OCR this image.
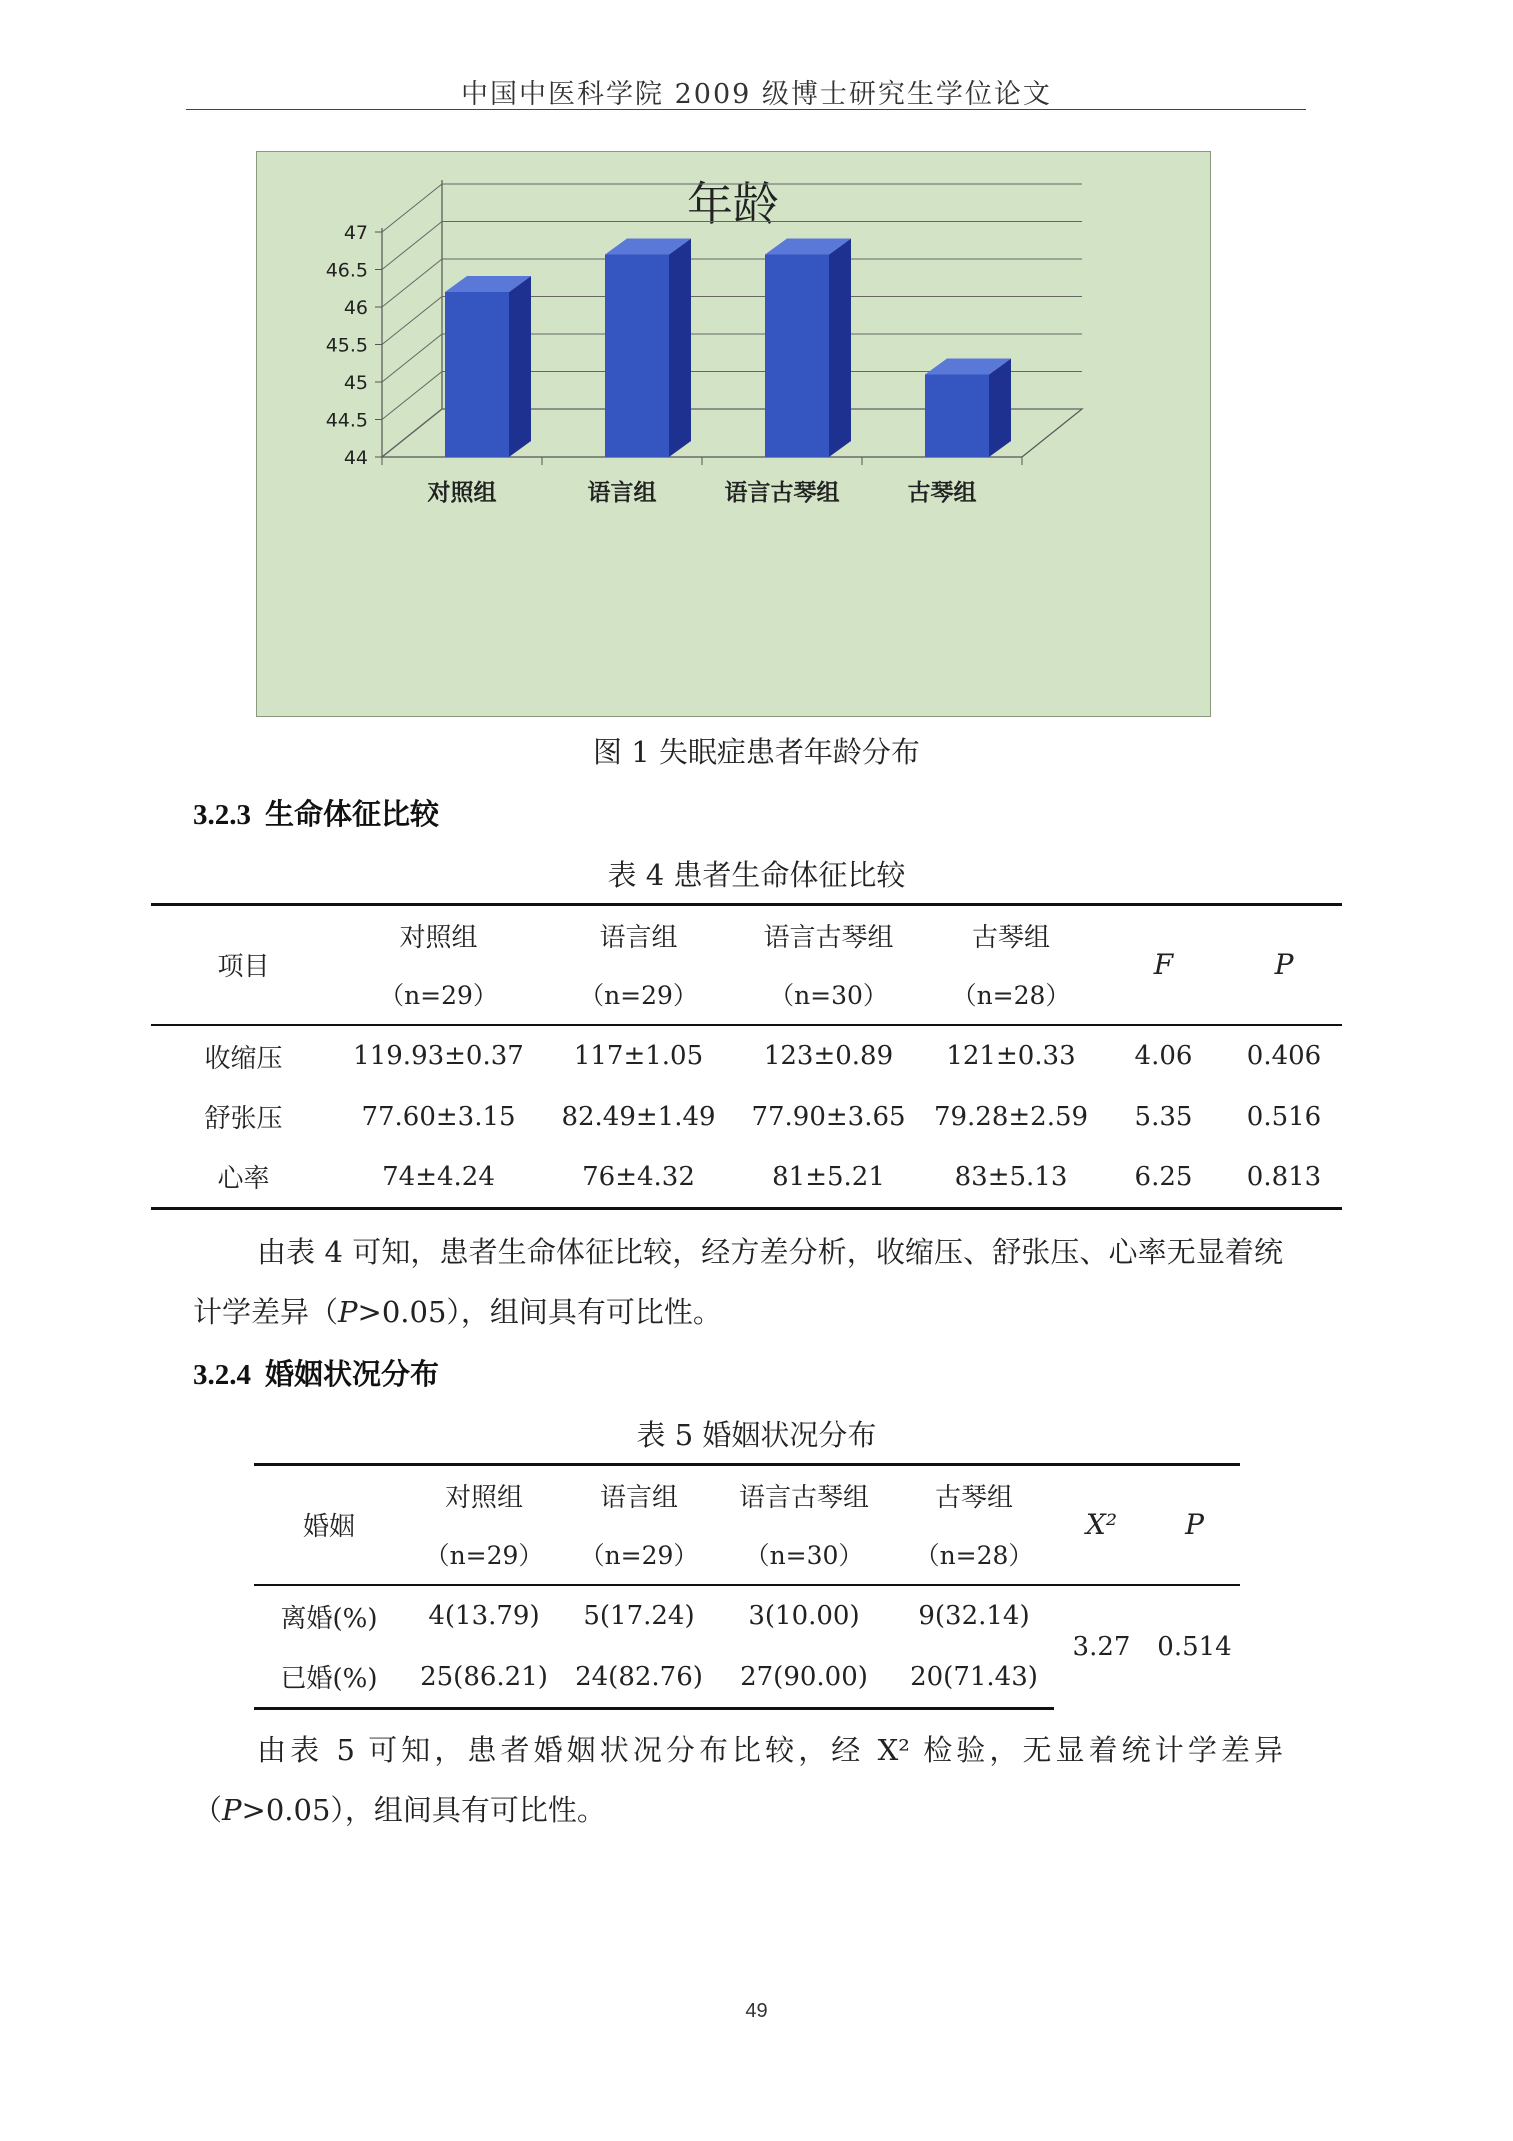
中国中医科学院 2009 级博士研究生学位论文
年龄
44
44.5
45
45.5
46
46.5
47
对照组	语言组	语言古琴组	古琴组
图 1 失眠症患者年龄分布
3.2.3 生命体征比较
表 4 患者生命体征比较
项目	对照组	语言组	语言古琴组	古琴组	F	P
	（n=29）	（n=29）	（n=30）	（n=28）		
收缩压	119.93±0.37	117±1.05	123±0.89	121±0.33	4.06	0.406
舒张压	77.60±3.15	82.49±1.49	77.90±3.65	79.28±2.59	5.35	0.516
心率	74±4.24	76±4.32	81±5.21	83±5.13	6.25	0.813
由表 4 可知，患者生命体征比较，经方差分析，收缩压、舒张压、心率无显着统计学差异（P>0.05），组间具有可比性。
3.2.4 婚姻状况分布
表 5 婚姻状况分布
婚姻	对照组	语言组	语言古琴组	古琴组	X²	P
	（n=29）	（n=29）	（n=30）	（n=28）		
离婚(%)	4(13.79)	5(17.24)	3(10.00)	9(32.14)	3.27	0.514
已婚(%)	25(86.21)	24(82.76)	27(90.00)	20(71.43)		
由表 5 可知，患者婚姻状况分布比较，经 X² 检验，无显着统计学差异（P>0.05），组间具有可比性。
49
